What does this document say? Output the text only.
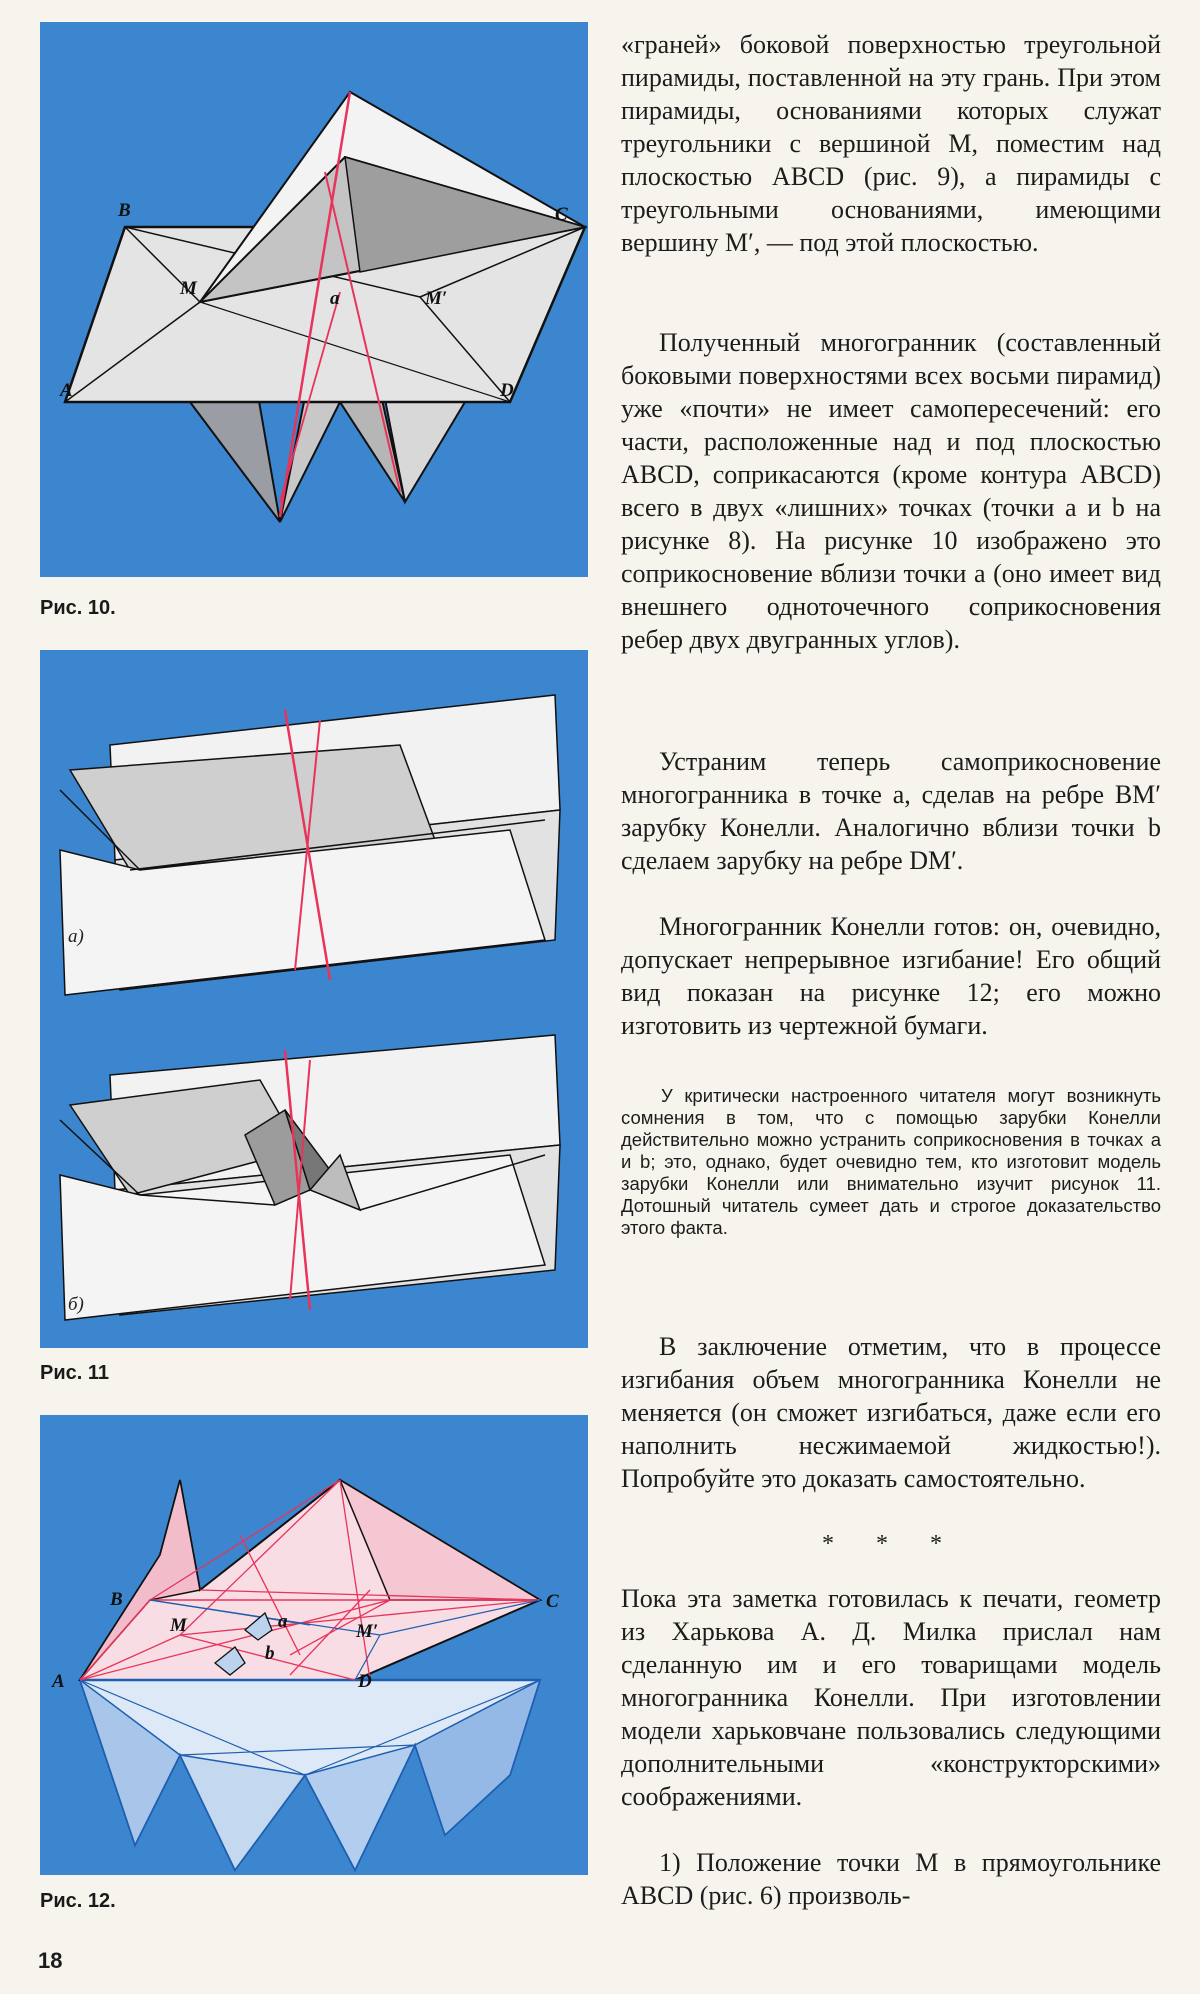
B	C
A	D
M	M′
a
Рис. 10.
а)
б)
Рис. 11
B	C
A	D
M	M′
a
b
Рис. 12.
18

«граней» боковой поверхностью треугольной пирамиды, поставленной на эту грань. При этом пирамиды, основаниями которых служат треугольники с вершиной M, поместим над плоскостью ABCD (рис. 9), а пирамиды с треугольными основаниями, имеющими вершину M′, — под этой плоскостью.

Полученный многогранник (составленный боковыми поверхностями всех восьми пирамид) уже «почти» не имеет самопересечений: его части, расположенные над и под плоскостью ABCD, соприкасаются (кроме контура ABCD) всего в двух «лишних» точках (точки a и b на рисунке 8). На рисунке 10 изображено это соприкосновение вблизи точки a (оно имеет вид внешнего одноточечного соприкосновения ребер двух двугранных углов).

Устраним теперь самоприкосновение многогранника в точке a, сделав на ребре BM′ зарубку Конелли. Аналогично вблизи точки b сделаем зарубку на ребре DM′.

Многогранник Конелли готов: он, очевидно, допускает непрерывное изгибание! Его общий вид показан на рисунке 12; его можно изготовить из чертежной бумаги.

У критически настроенного читателя могут возникнуть сомнения в том, что с помощью зарубки Конелли действительно можно устранить соприкосновения в точках a и b; это, однако, будет очевидно тем, кто изготовит модель зарубки Конелли или внимательно изучит рисунок 11. Дотошный читатель сумеет дать и строгое доказательство этого факта.

В заключение отметим, что в процессе изгибания объем многогранника Конелли не меняется (он сможет изгибаться, даже если его наполнить несжимаемой жидкостью!). Попробуйте это доказать самостоятельно.

* * *

Пока эта заметка готовилась к печати, геометр из Харькова А. Д. Милка прислал нам сделанную им и его товарищами модель многогранника Конелли. При изготовлении модели харьковчане пользовались следующими дополнительными «конструкторскими» соображениями.

1) Положение точки M в прямоугольнике ABCD (рис. 6) произволь-
